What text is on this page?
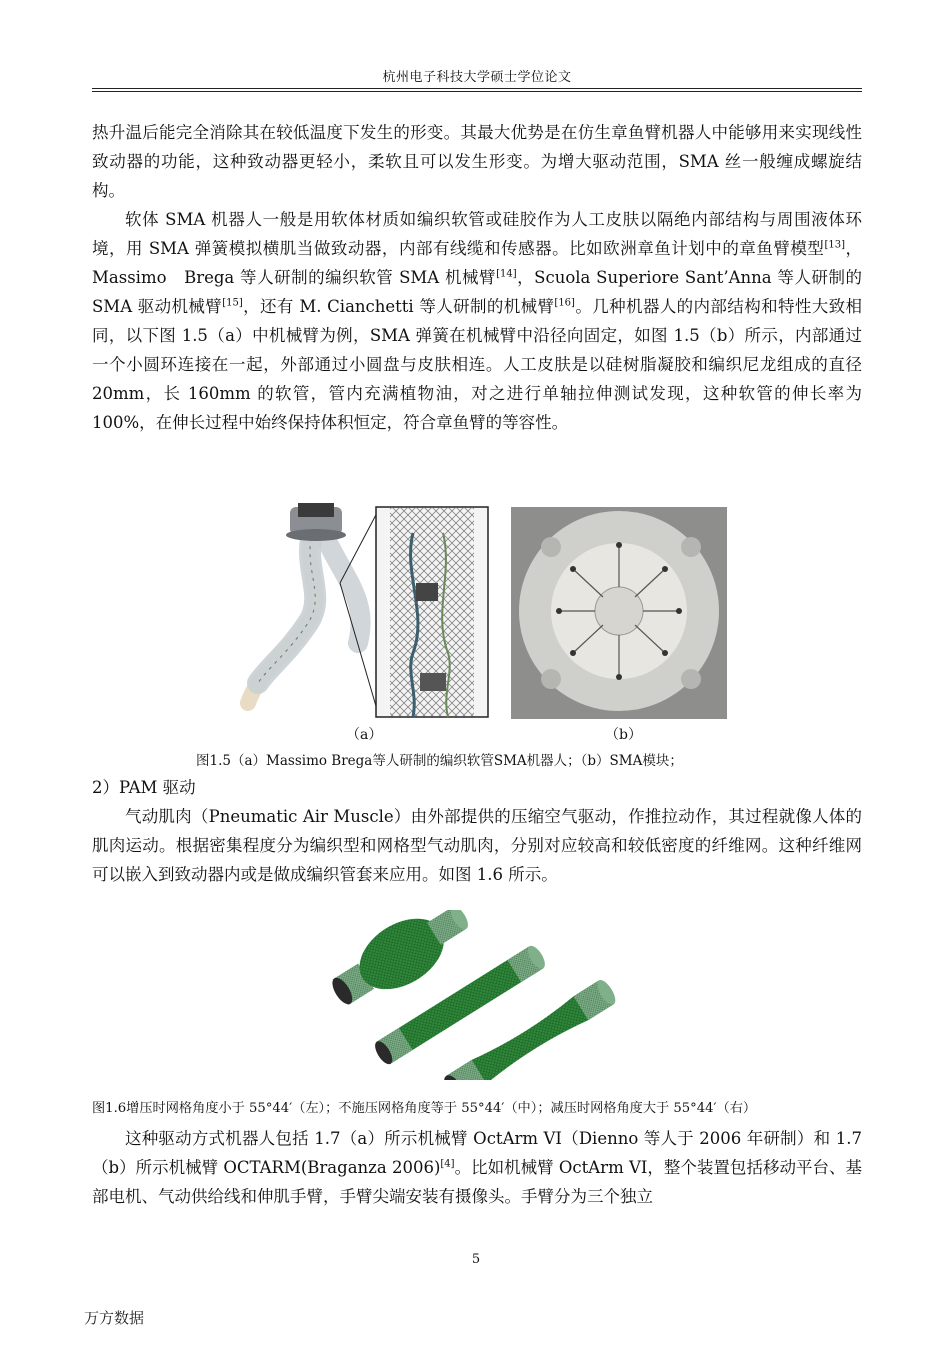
杭州电子科技大学硕士学位论文

热升温后能完全消除其在较低温度下发生的形变。其最大优势是在仿生章鱼臂机器人中能够用来实现线性致动器的功能，这种致动器更轻小，柔软且可以发生形变。为增大驱动范围，SMA 丝一般缠成螺旋结构。

软体 SMA 机器人一般是用软体材质如编织软管或硅胶作为人工皮肤以隔绝内部结构与周围液体环境，用 SMA 弹簧模拟横肌当做致动器，内部有线缆和传感器。比如欧洲章鱼计划中的章鱼臂模型[13]，Massimo　Brega 等人研制的编织软管 SMA 机械臂[14]，Scuola Superiore Sant’Anna 等人研制的 SMA 驱动机械臂[15]，还有 M. Cianchetti 等人研制的机械臂[16]。几种机器人的内部结构和特性大致相同，以下图 1.5（a）中机械臂为例，SMA 弹簧在机械臂中沿径向固定，如图 1.5（b）所示，内部通过一个小圆环连接在一起，外部通过小圆盘与皮肤相连。人工皮肤是以硅树脂凝胶和编织尼龙组成的直径 20mm，长 160mm 的软管，管内充满植物油，对之进行单轴拉伸测试发现，这种软管的伸长率为 100%，在伸长过程中始终保持体积恒定，符合章鱼臂的等容性。

（a）	（b）
图1.5（a）Massimo Brega等人研制的编织软管SMA机器人；（b）SMA模块；
2）PAM 驱动

气动肌肉（Pneumatic Air Muscle）由外部提供的压缩空气驱动，作推拉动作，其过程就像人体的肌肉运动。根据密集程度分为编织型和网格型气动肌肉，分别对应较高和较低密度的纤维网。这种纤维网可以嵌入到致动器内或是做成编织管套来应用。如图 1.6 所示。

图1.6增压时网格角度小于 55°44′（左）；不施压网格角度等于 55°44′（中）；减压时网格角度大于 55°44′（右）

这种驱动方式机器人包括 1.7（a）所示机械臂 OctArm VI（Dienno 等人于 2006 年研制）和 1.7（b）所示机械臂 OCTARM(Braganza 2006)[4]。比如机械臂 OctArm VI，整个装置包括移动平台、基部电机、气动供给线和伸肌手臂，手臂尖端安装有摄像头。手臂分为三个独立

5
万方数据
